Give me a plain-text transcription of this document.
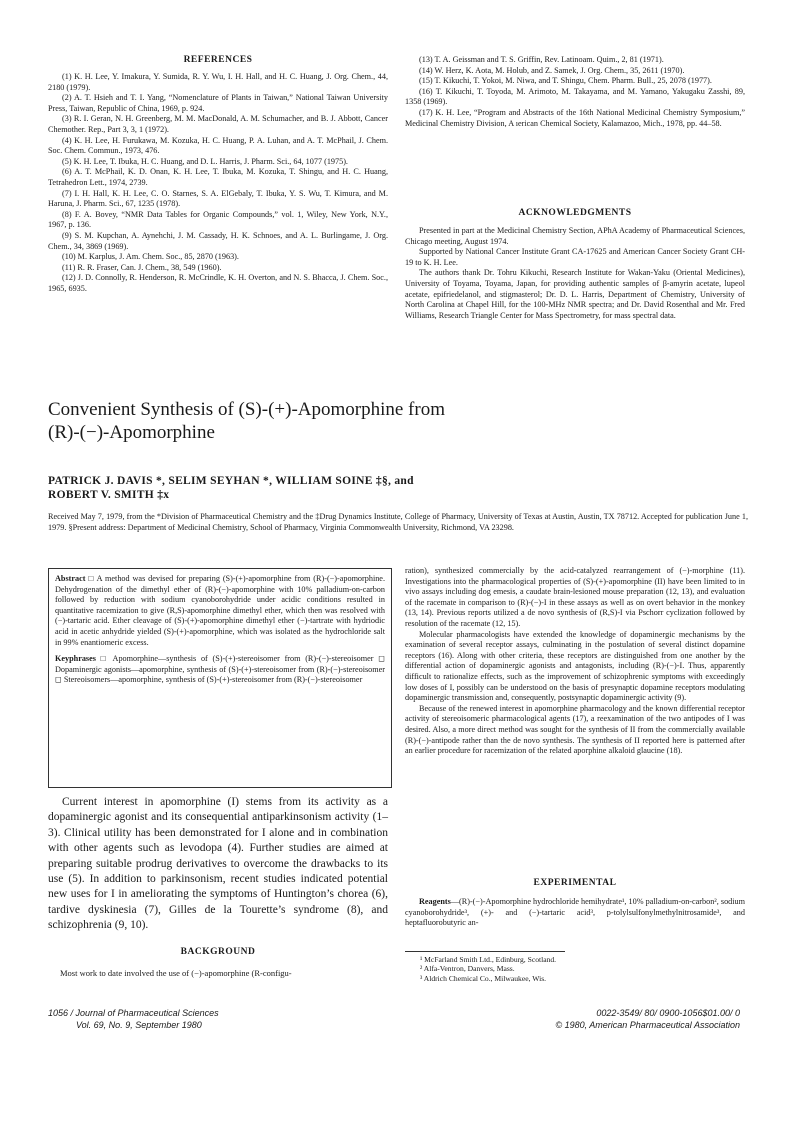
REFERENCES

(1) K. H. Lee, Y. Imakura, Y. Sumida, R. Y. Wu, I. H. Hall, and H. C. Huang, J. Org. Chem., 44, 2180 (1979).

(2) A. T. Hsieh and T. I. Yang, “Nomenclature of Plants in Taiwan,” National Taiwan University Press, Taiwan, Republic of China, 1969, p. 924.

(3) R. I. Geran, N. H. Greenberg, M. M. MacDonald, A. M. Schumacher, and B. J. Abbott, Cancer Chemother. Rep., Part 3, 3, 1 (1972).

(4) K. H. Lee, H. Furukawa, M. Kozuka, H. C. Huang, P. A. Luhan, and A. T. McPhail, J. Chem. Soc. Chem. Commun., 1973, 476.

(5) K. H. Lee, T. Ibuka, H. C. Huang, and D. L. Harris, J. Pharm. Sci., 64, 1077 (1975).

(6) A. T. McPhail, K. D. Onan, K. H. Lee, T. Ibuka, M. Kozuka, T. Shingu, and H. C. Huang, Tetrahedron Lett., 1974, 2739.

(7) I. H. Hall, K. H. Lee, C. O. Starnes, S. A. ElGebaly, T. Ibuka, Y. S. Wu, T. Kimura, and M. Haruna, J. Pharm. Sci., 67, 1235 (1978).

(8) F. A. Bovey, “NMR Data Tables for Organic Compounds,” vol. 1, Wiley, New York, N.Y., 1967, p. 136.

(9) S. M. Kupchan, A. Aynehchi, J. M. Cassady, H. K. Schnoes, and A. L. Burlingame, J. Org. Chem., 34, 3869 (1969).

(10) M. Karplus, J. Am. Chem. Soc., 85, 2870 (1963).

(11) R. R. Fraser, Can. J. Chem., 38, 549 (1960).

(12) J. D. Connolly, R. Henderson, R. McCrindle, K. H. Overton, and N. S. Bhacca, J. Chem. Soc., 1965, 6935.

(13) T. A. Geissman and T. S. Griffin, Rev. Latinoam. Quim., 2, 81 (1971).

(14) W. Herz, K. Aota, M. Holub, and Z. Samek, J. Org. Chem., 35, 2611 (1970).

(15) T. Kikuchi, T. Yokoi, M. Niwa, and T. Shingu, Chem. Pharm. Bull., 25, 2078 (1977).

(16) T. Kikuchi, T. Toyoda, M. Arimoto, M. Takayama, and M. Yamano, Yakugaku Zasshi, 89, 1358 (1969).

(17) K. H. Lee, “Program and Abstracts of the 16th National Medicinal Chemistry Symposium,” Medicinal Chemistry Division, A ıerican Chemical Society, Kalamazoo, Mich., 1978, pp. 44–58.

ACKNOWLEDGMENTS

Presented in part at the Medicinal Chemistry Section, APhA Academy of Pharmaceutical Sciences, Chicago meeting, August 1974.

Supported by National Cancer Institute Grant CA-17625 and American Cancer Society Grant CH-19 to K. H. Lee.

The authors thank Dr. Tohru Kikuchi, Research Institute for Wakan-Yaku (Oriental Medicines), University of Toyama, Toyama, Japan, for providing authentic samples of β-amyrin acetate, lupeol acetate, epifriedelanol, and stigmasterol; Dr. D. L. Harris, Department of Chemistry, University of North Carolina at Chapel Hill, for the 100-MHz NMR spectra; and Dr. David Rosenthal and Mr. Fred Williams, Research Triangle Center for Mass Spectrometry, for mass spectral data.

Convenient Synthesis of (S)-(+)-Apomorphine from
(R)-(−)-Apomorphine
PATRICK J. DAVIS *, SELIM SEYHAN *, WILLIAM SOINE ‡§, and
ROBERT V. SMITH ‡x
Received May 7, 1979, from the *Division of Pharmaceutical Chemistry and the ‡Drug Dynamics Institute, College of Pharmacy, University of Texas at Austin, Austin, TX 78712. Accepted for publication June 1, 1979. §Present address: Department of Medicinal Chemistry, School of Pharmacy, Virginia Commonwealth University, Richmond, VA 23298.

Abstract □ A method was devised for preparing (S)-(+)-apomorphine from (R)-(−)-apomorphine. Dehydrogenation of the dimethyl ether of (R)-(−)-apomorphine with 10% palladium-on-carbon followed by reduction with sodium cyanoborohydride under acidic conditions resulted in quantitative racemization to give (R,S)-apomorphine dimethyl ether, which then was resolved with (−)-tartaric acid. Ether cleavage of (S)-(+)-apomorphine dimethyl ether (−)-tartrate with hydriodic acid in acetic anhydride yielded (S)-(+)-apomorphine, which was isolated as the hydrochloride salt in 99% enantiomeric excess.

Keyphrases □ Apomorphine—synthesis of (S)-(+)-stereoisomer from (R)-(−)-stereoisomer ◻ Dopaminergic agonists—apomorphine, synthesis of (S)-(+)-stereoisomer from (R)-(−)-stereoisomer ◻ Stereoisomers—apomorphine, synthesis of (S)-(+)-stereoisomer from (R)-(−)-stereoisomer

Current interest in apomorphine (I) stems from its activity as a dopaminergic agonist and its consequential antiparkinsonism activity (1–3). Clinical utility has been demonstrated for I alone and in combination with other agents such as levodopa (4). Further studies are aimed at preparing suitable prodrug derivatives to overcome the drawbacks to its use (5). In addition to parkinsonism, recent studies indicated potential new uses for I in ameliorating the symptoms of Huntington’s chorea (6), tardive dyskinesia (7), Gilles de la Tourette’s syndrome (8), and schizophrenia (9, 10).
BACKGROUND
Most work to date involved the use of (−)-apomorphine (R-configu-

ration), synthesized commercially by the acid-catalyzed rearrangement of (−)-morphine (11). Investigations into the pharmacological properties of (S)-(+)-apomorphine (II) have been limited to in vivo assays including dog emesis, a caudate brain-lesioned mouse preparation (12, 13), and evaluation of the racemate in comparison to (R)-(−)-I in these assays as well as on overt behavior in the monkey (13, 14). Previous reports utilized a de novo synthesis of (R,S)-I via Pschorr cyclization followed by resolution of the racemate (12, 15).

Molecular pharmacologists have extended the knowledge of dopaminergic mechanisms by the examination of several receptor assays, culminating in the postulation of several distinct dopamine receptors (16). Along with other criteria, these receptors are distinguished from one another by the differential action of dopaminergic agonists and antagonists, including (R)-(−)-I. Thus, apparently difficult to rationalize effects, such as the improvement of schizophrenic symptoms with exceedingly low doses of I, possibly can be understood on the basis of presynaptic dopamine receptors modulating dopaminergic transmission and, consequently, postsynaptic dopaminergic activity (9).

Because of the renewed interest in apomorphine pharmacology and the known differential receptor activity of stereoisomeric pharmacological agents (17), a reexamination of the two antipodes of I was desired. Also, a more direct method was sought for the synthesis of II from the commercially available (R)-(−)-antipode rather than the de novo synthesis. The synthesis of II reported here is patterned after an earlier procedure for racemization of the related aporphine alkaloid glaucine (18).

EXPERIMENTAL
Reagents—(R)-(−)-Apomorphine hydrochloride hemihydrate¹, 10% palladium-on-carbon², sodium cyanoborohydride³, (+)- and (−)-tartaric acid³, p-tolylsulfonylmethylnitrosamide³, and heptafluorobutyric an-
¹ McFarland Smith Ltd., Edinburg, Scotland.
² Alfa-Ventron, Danvers, Mass.
³ Aldrich Chemical Co., Milwaukee, Wis.
1056 / Journal of Pharmaceutical Sciences
Vol. 69, No. 9, September 1980
0022-3549/ 80/ 0900-1056$01.00/ 0
© 1980, American Pharmaceutical Association
